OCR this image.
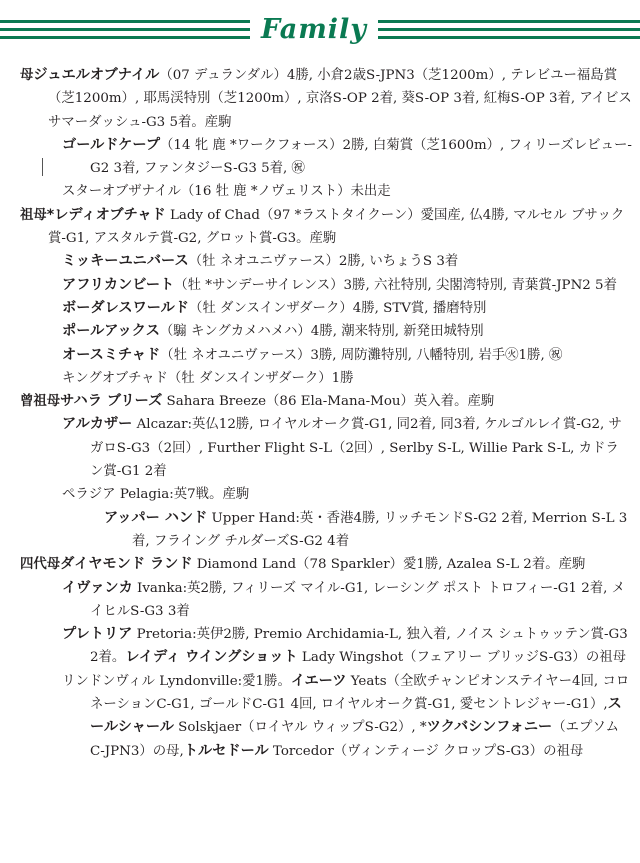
Family
母ジュエルオブナイル（07 デュランダル）4勝, 小倉2歳S-JPN3（芝1200m）, テレビユー福島賞（芝1200m）, 耶馬渓特別（芝1200m）, 京洛S-OP 2着, 葵S-OP 3着, 紅梅S-OP 3着, アイビスサマーダッシュ-G3 5着。産駒
ゴールドケープ（14 牝 鹿 *ワークフォース）2勝, 白菊賞（芝1600m）, フィリーズレビュー-G2 3着, ファンタジーS-G3 5着, ㊗
スターオブザナイル（16 牡 鹿 *ノヴェリスト）未出走
祖母*レディオブチャド Lady of Chad（97 *ラストタイクーン）愛国産, 仏4勝, マルセル ブサック賞-G1, アスタルテ賞-G2, グロット賞-G3。産駒
ミッキーユニバース（牡 ネオユニヴァース）2勝, いちょうS 3着
アフリカンビート（牡 *サンデーサイレンス）3勝, 六社特別, 尖閣湾特別, 青葉賞-JPN2 5着
ボーダレスワールド（牡 ダンスインザダーク）4勝, STV賞, 播磨特別
ポールアックス（騸 キングカメハメハ）4勝, 潮来特別, 新発田城特別
オースミチャド（牡 ネオユニヴァース）3勝, 周防灘特別, 八幡特別, 岩手㊋1勝, ㊗
キングオブチャド（牡 ダンスインザダーク）1勝
曾祖母サハラ ブリーズ Sahara Breeze（86 Ela-Mana-Mou）英入着。産駒
アルカザー Alcazar:英仏12勝, ロイヤルオーク賞-G1, 同2着, 同3着, ケルゴルレイ賞-G2, サガロS-G3（2回）, Further Flight S-L（2回）, Serlby S-L, Willie Park S-L, カドラン賞-G1 2着
ペラジア Pelagia:英7戦。産駒
アッパー ハンド Upper Hand:英・香港4勝, リッチモンドS-G2 2着, Merrion S-L 3着, フライング チルダーズS-G2 4着
四代母ダイヤモンド ランド Diamond Land（78 Sparkler）愛1勝, Azalea S-L 2着。産駒
イヴァンカ Ivanka:英2勝, フィリーズ マイル-G1, レーシング ポスト トロフィー-G1 2着, メイヒルS-G3 3着
プレトリア Pretoria:英伊2勝, Premio Archidamia-L, 独入着, ノイス シュトゥッテン賞-G3 2着。レイディ ウイングショット Lady Wingshot（フェアリー ブリッジS-G3）の祖母
リンドンヴィル Lyndonville:愛1勝。イエーツ Yeats（全欧チャンピオンステイヤー4回, コロネーションC-G1, ゴールドC-G1 4回, ロイヤルオーク賞-G1, 愛セントレジャー-G1）,スールシャール Solskjaer（ロイヤル ウィップS-G2）, *ツクバシンフォニー（エプソムC-JPN3）の母,トルセドール Torcedor（ヴィンティージ クロップS-G3）の祖母
